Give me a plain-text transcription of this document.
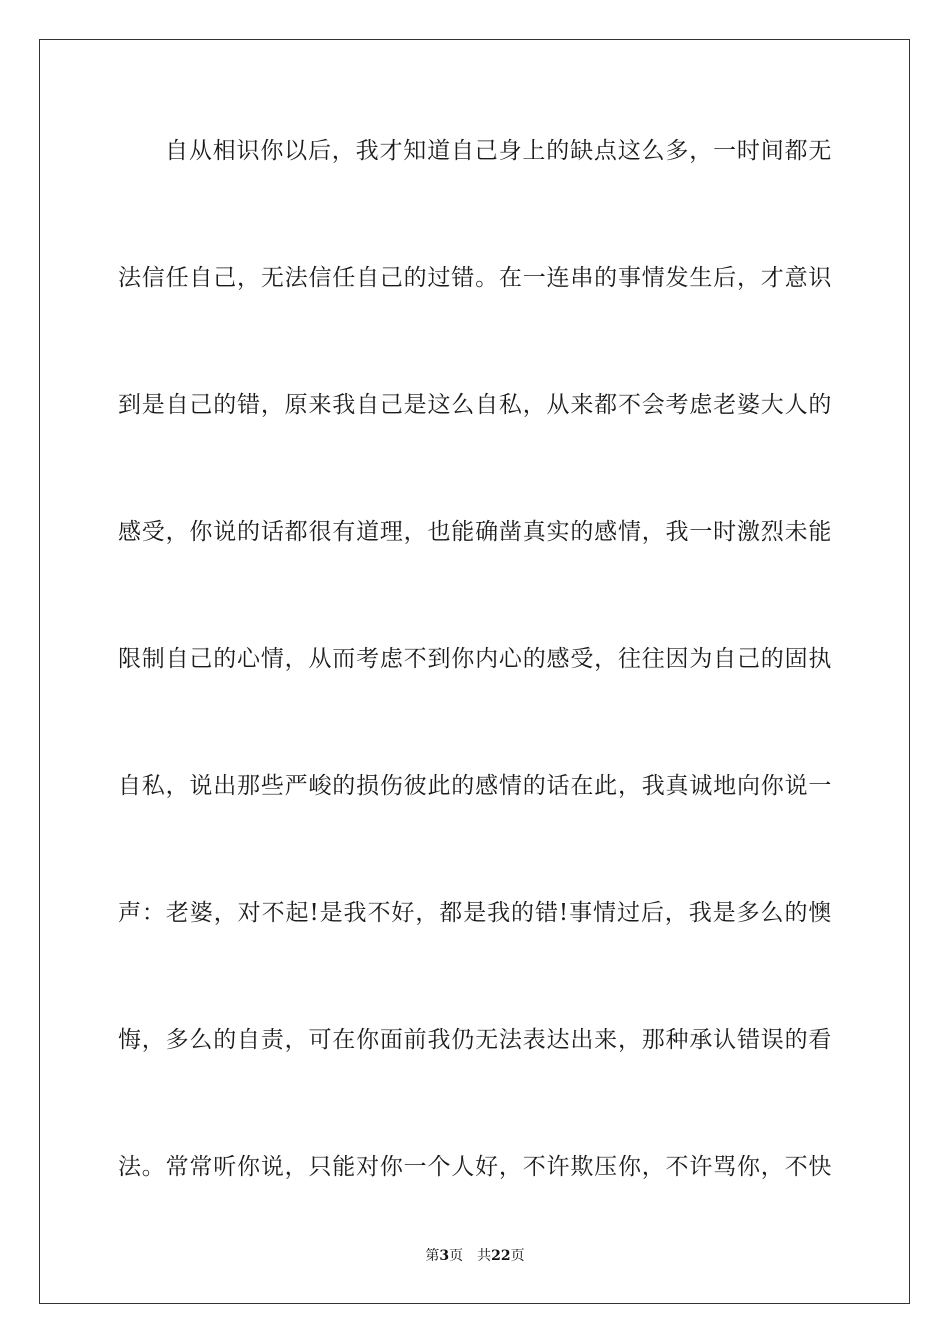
自从相识你以后，我才知道自己身上的缺点这么多，一时间都无
法信任自己，无法信任自己的过错。在一连串的事情发生后，才意识
到是自己的错，原来我自己是这么自私，从来都不会考虑老婆大人的
感受，你说的话都很有道理，也能确凿真实的感情，我一时激烈未能
限制自己的心情，从而考虑不到你内心的感受，往往因为自己的固执
自私，说出那些严峻的损伤彼此的感情的话在此，我真诚地向你说一
声：老婆，对不起!是我不好，都是我的错!事情过后，我是多么的懊
悔，多么的自责，可在你面前我仍无法表达出来，那种承认错误的看
法。常常听你说，只能对你一个人好，不许欺压你，不许骂你，不快
第3页 共22页
